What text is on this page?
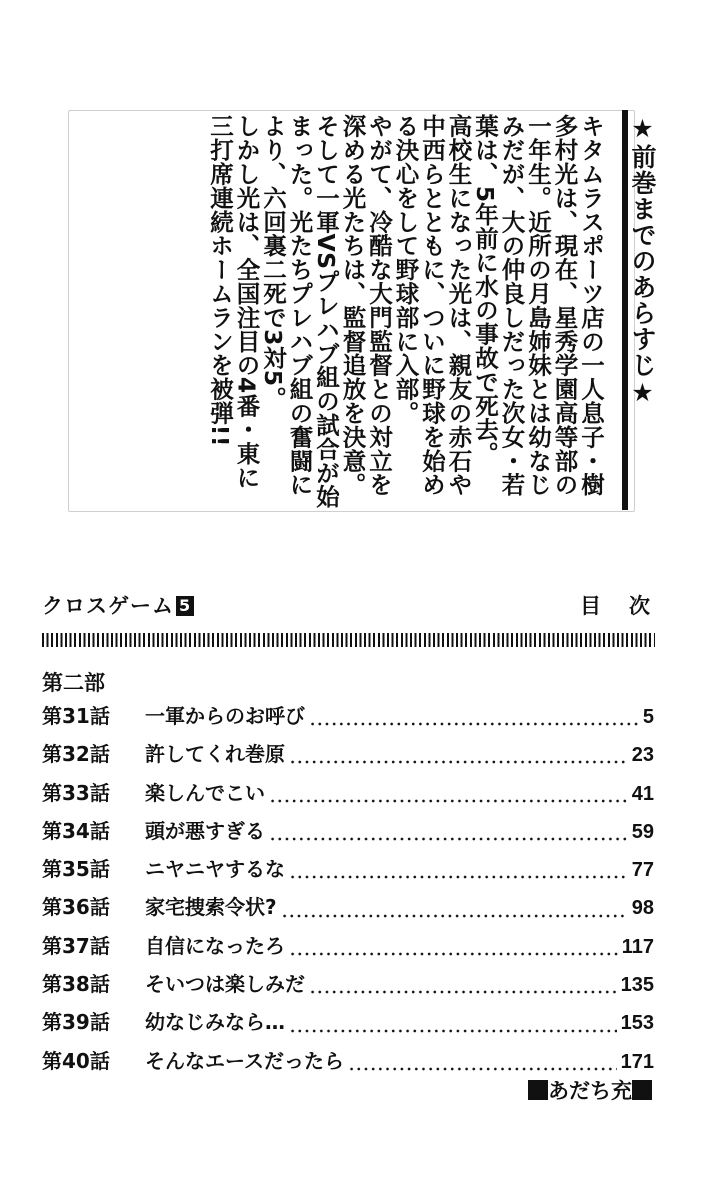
★前巻までのあらすじ★

キタムラスポーツ店の一人息子・樹多村光は、現在、星秀学園高等部の一年生。近所の月島姉妹とは幼なじみだが、大の仲良しだった次女・若葉は、5年前に水の事故で死去。

高校生になった光は、親友の赤石や中西らとともに、ついに野球を始める決心をして野球部に入部。

やがて、冷酷な大門監督との対立を深める光たちは、監督追放を決意。

そして一軍VSプレハブ組の試合が始まった。光たちプレハブ組の奮闘により、六回裏二死で3対5。

しかし光は、全国注目の4番・東に三打席連続ホームランを被弾!!

クロスゲーム 5	目次
第二部
第31話	一軍からのお呼び	5
第32話	許してくれ巻原	23
第33話	楽しんでこい	41
第34話	頭が悪すぎる	59
第35話	ニヤニヤするな	77
第36話	家宅捜索令状?	98
第37話	自信になったろ	117
第38話	そいつは楽しみだ	135
第39話	幼なじみなら…	153
第40話	そんなエースだったら	171
あだち充
